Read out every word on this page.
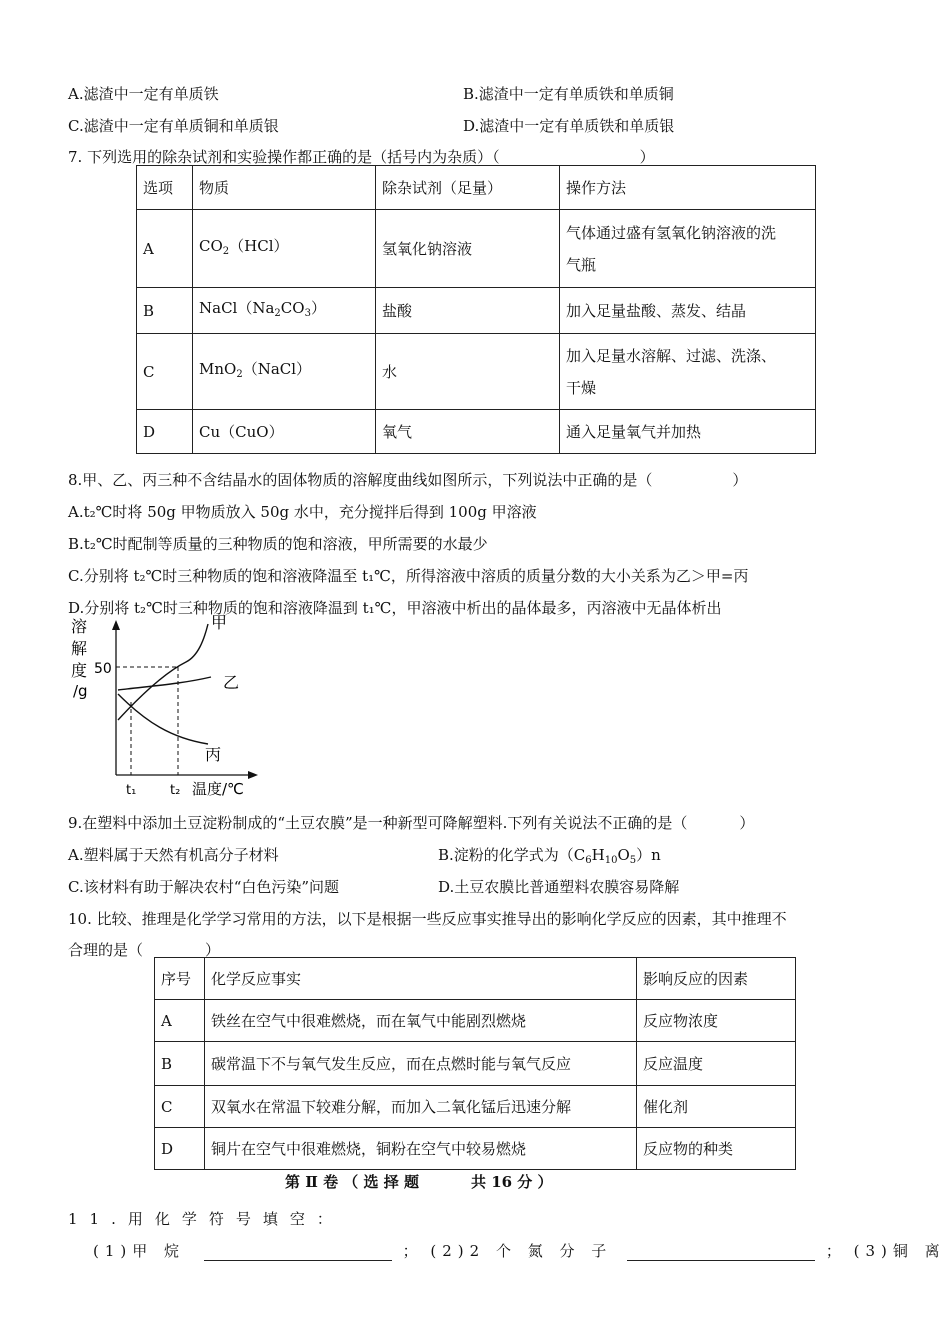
A.滤渣中一定有单质铁	B.滤渣中一定有单质铁和单质铜
C.滤渣中一定有单质铜和单质银	D.滤渣中一定有单质铁和单质银
7. 下列选用的除杂试剂和实验操作都正确的是（括号内为杂质）（	）
选项	物质	除杂试剂（足量）	操作方法
A	$CO_2(HCl)$	氢氧化钠溶液	气体通过盛有氢氧化钠溶液的洗
气瓶

B	$NaCl(Na_2CO_3)$	盐酸	加入足量盐酸、蒸发、结晶
C	MnO$_2$（NaCl）	水	加入足量水溶解、过滤、洗涤、
干燥

D	Cu（CuO）	氧气	通入足量氧气并加热
8.甲、乙、丙三种不含结晶水的固体物质的溶解度曲线如图所示，下列说法中正确的是（	）
A.t₂℃时将 50g 甲物质放入 50g 水中，充分搅拌后得到 100g 甲溶液
B.t₂℃时配制等质量的三种物质的饱和溶液，甲所需要的水最少
C.分别将 t₂℃时三种物质的饱和溶液降温至 t₁℃，所得溶液中溶质的质量分数的大小关系为乙＞甲=丙
D.分别将 t₂℃时三种物质的饱和溶液降温到 t₁℃，甲溶液中析出的晶体最多，丙溶液中无晶体析出
溶
解
度
/g
50
t₁	t₂ 温度/℃
甲
乙
丙
9.在塑料中添加土豆淀粉制成的“土豆农膜”是一种新型可降解塑料.下列有关说法不正确的是（	）
A.塑料属于天然有机高分子材料	B.淀粉的化学式为$(C_6H_{10}O_5)n$
C.该材料有助于解决农村“白色污染”问题	D.土豆农膜比普通塑料农膜容易降解
10. 比较、推理是化学学习常用的方法，以下是根据一些反应事实推导出的影响化学反应的因素，其中推理不
合理的是（	）
序号	化学反应事实	影响反应的因素
A	铁丝在空气中很难燃烧，而在氧气中能剧烈燃烧	反应物浓度
B	碳常温下不与氧气发生反应，而在点燃时能与氧气反应	反应温度
C	双氧水在常温下较难分解，而加入二氧化锰后迅速分解	催化剂
D	铜片在空气中很难燃烧，铜粉在空气中较易燃烧	反应物的种类
第 Ⅱ 卷 （ 选 择 题	共 16 分 ）
11.用化学符号填空：
(1)甲 烷	； (2)2 个 氮 分 子	； (3)铜 离
